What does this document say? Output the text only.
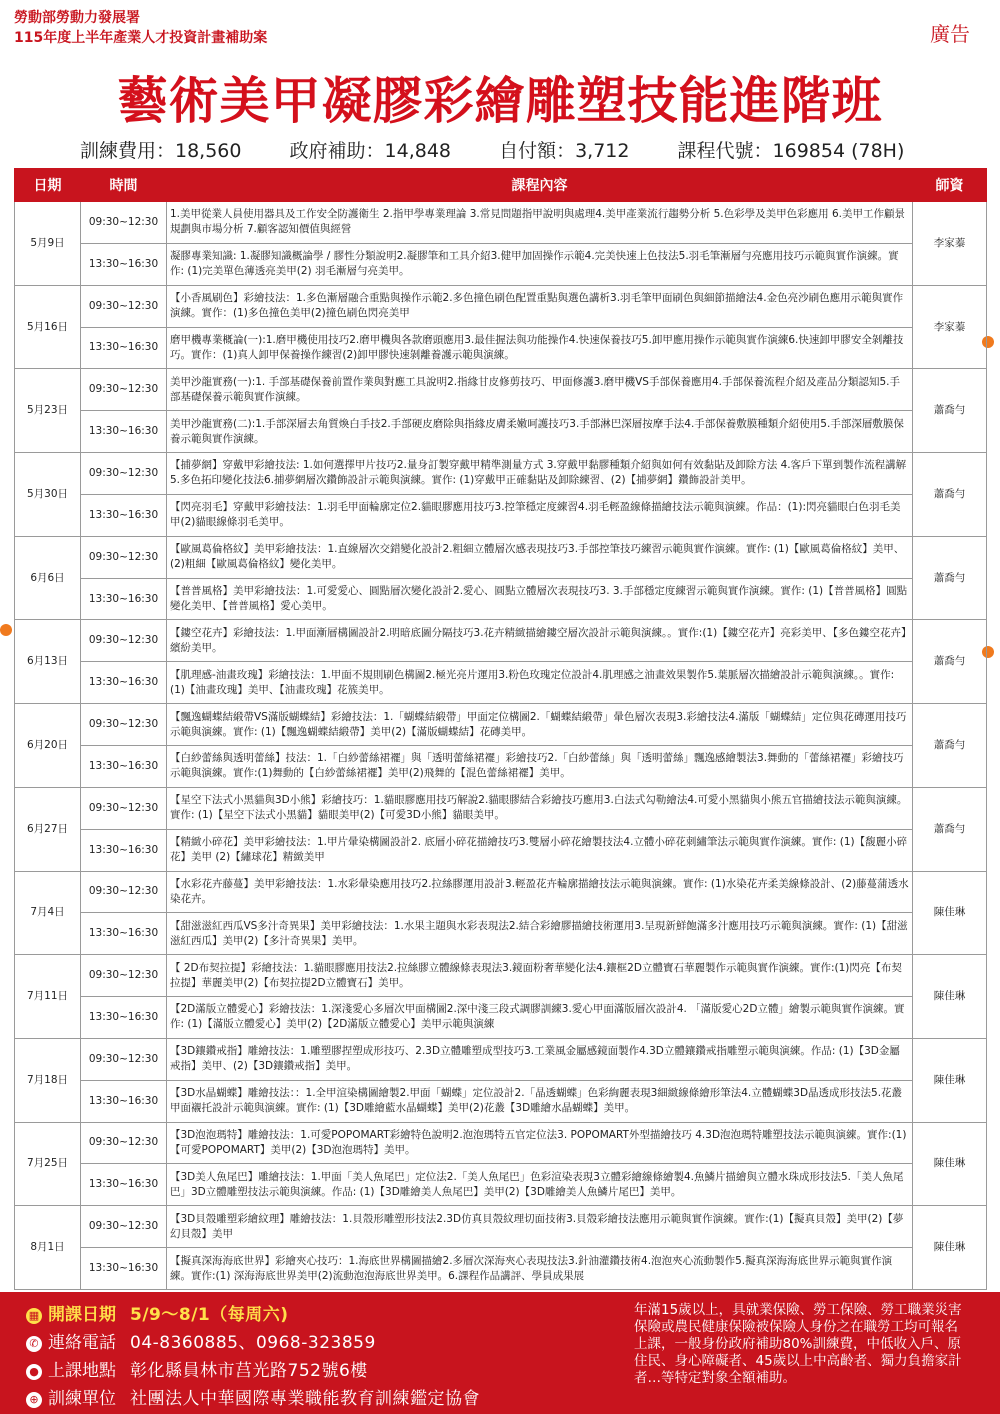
勞動部勞動力發展署
115年度上半年產業人才投資計畫補助案	廣告
藝術美甲凝膠彩繪雕塑技能進階班
訓練費用：18,560	政府補助：14,848	自付額：3,712	課程代號：169854 (78H)
日期	時間	課程內容	師資
5月9日	09:30~12:30	1.美甲從業人員使用器具及工作安全防護衛生 2.指甲學專業理論 3.常見問題指甲說明與處理4.美甲產業流行趨勢分析 5.色彩學及美甲色彩應用 6.美甲工作顧景規劃與市場分析 7.顧客認知價值與經營	李家蓁
	13:30~16:30	凝膠專業知識: 1.凝膠知識概論學 / 膠性分類說明2.凝膠筆和工具介紹3.健甲加固操作示範4.完美快速上色技法5.羽毛筆漸層勻亮應用技巧示範與實作演練。實作: (1)完美單色薄透亮美甲(2) 羽毛漸層勻亮美甲。	
5月16日	09:30~12:30	【小香風刷色】彩繪技法：1.多色漸層融合重點與操作示範2.多色撞色刷色配置重點與選色講析3.羽毛筆甲面刷色與細節描繪法4.金色亮沙刷色應用示範與實作演練。實作：(1)多色撞色美甲(2)撞色刷色閃亮美甲	李家蓁
	13:30~16:30	磨甲機專業概論(一):1.磨甲機使用技巧2.磨甲機與各款磨頭應用3.最佳握法與功能操作4.快速保養技巧5.卸甲應用操作示範與實作演練6.快速卸甲膠安全剝離技巧。實作：(1)真人卸甲保養操作練習(2)卸甲膠快速剝離養護示範與演練。	
5月23日	09:30~12:30	美甲沙龍實務(一):1. 手部基礎保養前置作業與對應工具說明2.指緣甘皮修剪技巧、甲面修護3.磨甲機VS手部保養應用4.手部保養流程介紹及產品分類認知5.手部基礎保養示範與實作演練。	蕭喬勻
	13:30~16:30	美甲沙龍實務(二):1.手部深層去角質煥白手技2.手部硬皮磨除與指緣皮膚柔嫩呵護技巧3.手部淋巴深層按摩手法4.手部保養敷膜種類介紹使用5.手部深層敷膜保養示範與實作演練。	
5月30日	09:30~12:30	【捕夢網】穿戴甲彩繪技法: 1.如何選擇甲片技巧2.量身訂製穿戴甲精準測量方式 3.穿戴甲黏膠種類介紹與如何有效黏貼及卸除方法 4.客戶下單到製作流程講解 5.多色拓印變化技法6.捕夢網層次鑽飾設計示範與演練。實作: (1)穿戴甲正確黏貼及卸除練習、(2)【捕夢網】鑽飾設計美甲。	蕭喬勻
	13:30~16:30	【閃亮羽毛】穿戴甲彩繪技法：1.羽毛甲面輪廓定位2.貓眼膠應用技巧3.控筆穩定度練習4.羽毛輕盈線條描繪技法示範與演練。作品：(1):閃亮貓眼白色羽毛美甲(2)貓眼線條羽毛美甲。	
6月6日	09:30~12:30	【歐風葛倫格紋】美甲彩繪技法：1.直線層次交錯變化設計2.粗細立體層次感表現技巧3.手部控筆技巧練習示範與實作演練。實作: (1)【歐風葛倫格紋】美甲、(2)粗細【歐風葛倫格紋】變化美甲。	蕭喬勻
	13:30~16:30	【普普風格】美甲彩繪技法：1.可愛愛心、圓點層次變化設計2.愛心、圓點立體層次表現技巧3. 3.手部穩定度練習示範與實作演練。實作: (1)【普普風格】圓點變化美甲、【普普風格】愛心美甲。	
6月13日	09:30~12:30	【鏤空花卉】彩繪技法：1.甲面漸層構圖設計2.明暗底圖分隔技巧3.花卉精緻描繪鏤空層次設計示範與演練。。實作:(1)【鏤空花卉】亮彩美甲、【多色鏤空花卉】繽紛美甲。	蕭喬勻
	13:30~16:30	【肌理感-油畫玫瑰】彩繪技法：1.甲面不規則刷色構圖2.極光亮片運用3.粉色玫瑰定位設計4.肌理感之油畫效果製作5.葉脈層次描繪設計示範與演練。。實作:(1)【油畫玫瑰】美甲、【油畫玫瑰】花簇美甲。	
6月20日	09:30~12:30	【飄逸蝴蝶結緞帶VS滿版蝴蝶結】彩繪技法：1.「蝴蝶結緞帶」甲面定位構圖2.「蝴蝶結緞帶」暈色層次表現3.彩繪技法4.滿版「蝴蝶結」定位與花磚運用技巧示範與演練。實作: (1)【飄逸蝴蝶結緞帶】美甲(2)【滿版蝴蝶結】花磚美甲。	蕭喬勻
	13:30~16:30	【白紗蕾絲與透明蕾絲】技法：1.「白紗蕾絲裙襬」與「透明蕾絲裙襬」彩繪技巧2.「白紗蕾絲」與「透明蕾絲」飄逸感繪製法3.舞動的「蕾絲裙襬」彩繪技巧示範與演練。實作:(1)舞動的【白紗蕾絲裙襬】美甲(2)飛舞的【混色蕾絲裙襬】美甲。	
6月27日	09:30~12:30	【星空下法式小黑貓與3D小熊】彩繪技巧：1.貓眼膠應用技巧解說2.貓眼膠結合彩繪技巧應用3.白法式勾勒繪法4.可愛小黑貓與小熊五官描繪技法示範與演練。實作: (1)【星空下法式小黑貓】貓眼美甲(2)【可愛3D小熊】貓眼美甲。	蕭喬勻
	13:30~16:30	【精緻小碎花】美甲彩繪技法：1.甲片暈染構圖設計2. 底層小碎花描繪技巧3.雙層小碎花繪製技法4.立體小碎花刺繡筆法示範與實作演練。實作: (1)【馥麗小碎花】美甲 (2)【繡球花】精緻美甲	
7月4日	09:30~12:30	【水彩花卉藤蔓】美甲彩繪技法：1.水彩暈染應用技巧2.拉絲膠運用設計3.輕盈花卉輪廓描繪技法示範與演練。實作: (1)水染花卉柔美線條設計、(2)藤蔓蒲透水染花卉。	陳佳琳
	13:30~16:30	【甜滋滋紅西瓜VS多汁奇異果】美甲彩繪技法：1.水果主題與水彩表現法2.結合彩繪膠描繪技術運用3.呈現新鮮飽滿多汁應用技巧示範與演練。實作: (1)【甜滋滋紅西瓜】美甲(2)【多汁奇異果】美甲。	
7月11日	09:30~12:30	【 2D布契拉提】彩繪技法：1.貓眼膠應用技法2.拉絲膠立體線條表現法3.鏡面粉奢華變化法4.鑲框2D立體寶石華麗製作示範與實作演練。實作:(1)閃亮【布契拉提】華麗美甲(2)【布契拉提2D立體寶石】美甲。	陳佳琳
	13:30~16:30	【2D滿版立體愛心】彩繪技法：1.深淺愛心多層次甲面構圖2.深中淺三段式調膠訓練3.愛心甲面滿版層次設計4. 「滿版愛心2D立體」繪製示範與實作演練。實作: (1)【滿版立體愛心】美甲(2)【2D滿版立體愛心】美甲示範與演練	
7月18日	09:30~12:30	【3D鑲鑽戒指】雕繪技法：1.雕塑膠捏塑成形技巧、2.3D立體雕塑成型技巧3.工業風金屬感鏡面製作4.3D立體鑲鑽戒指雕塑示範與演練。作品: (1)【3D金屬戒指】美甲、(2)【3D鑲鑽戒指】美甲。	陳佳琳
	13:30~16:30	【3D水晶蝴蝶】雕繪技法：：1.全甲渲染構圖繪製2.甲面「蝴蝶」定位設計2.「晶透蝴蝶」色彩絢麗表現3細緻線條繪形筆法4.立體蝴蝶3D晶透成形技法5.花叢甲面襯托設計示範與演練。實作: (1)【3D雕繪藍水晶蝴蝶】美甲(2)花叢【3D雕繪水晶蝴蝶】美甲。	
7月25日	09:30~12:30	【3D泡泡瑪特】雕繪技法：1.可愛POPOMART彩繪特色說明2.泡泡瑪特五官定位法3. POPOMART外型描繪技巧 4.3D泡泡瑪特雕塑技法示範與演練。實作:(1)【可愛POPOMART】美甲(2)【3D泡泡瑪特】美甲。	陳佳琳
	13:30~16:30	【3D美人魚尾巴】雕繪技法：1.甲面「美人魚尾巴」定位法2.「美人魚尾巴」色彩渲染表現3立體彩繪線條繪製4.魚鱗片描繪與立體水珠成形技法5.「美人魚尾巴」3D立體雕塑技法示範與演練。作品: (1)【3D雕繪美人魚尾巴】美甲(2)【3D雕繪美人魚鱗片尾巴】美甲。	
8月1日	09:30~12:30	【3D貝殼雕塑彩繪紋理】雕繪技法：1.貝殼形雕塑形技法2.3D仿真貝殼紋理切面技術3.貝殼彩繪技法應用示範與實作演練。實作:(1)【擬真貝殼】美甲(2)【夢幻貝殼】美甲	陳佳琳
	13:30~16:30	【擬真深海海底世界】彩繪夾心技巧：1.海底世界構圖描繪2.多層次深海夾心表現技法3.針油灌鑽技術4.泡泡夾心流動製作5.擬真深海海底世界示範與實作演練。實作:(1) 深海海底世界美甲(2)流動泡泡海底世界美甲。6.課程作品講評、學員成果展	
▦ 開課日期 5/9～8/1（每周六)
✆ 連絡電話 04-8360885、0968-323859
● 上課地點 彰化縣員林市莒光路752號6樓
⊕ 訓練單位 社團法人中華國際專業職能教育訓練鑑定協會
年滿15歲以上，具就業保險、勞工保險、勞工職業災害保險或農民健康保險被保險人身份之在職勞工均可報名上課，一般身份政府補助80%訓練費，中低收入戶、原住民、身心障礙者、45歲以上中高齡者、獨力負擔家計者…等特定對象全額補助。
